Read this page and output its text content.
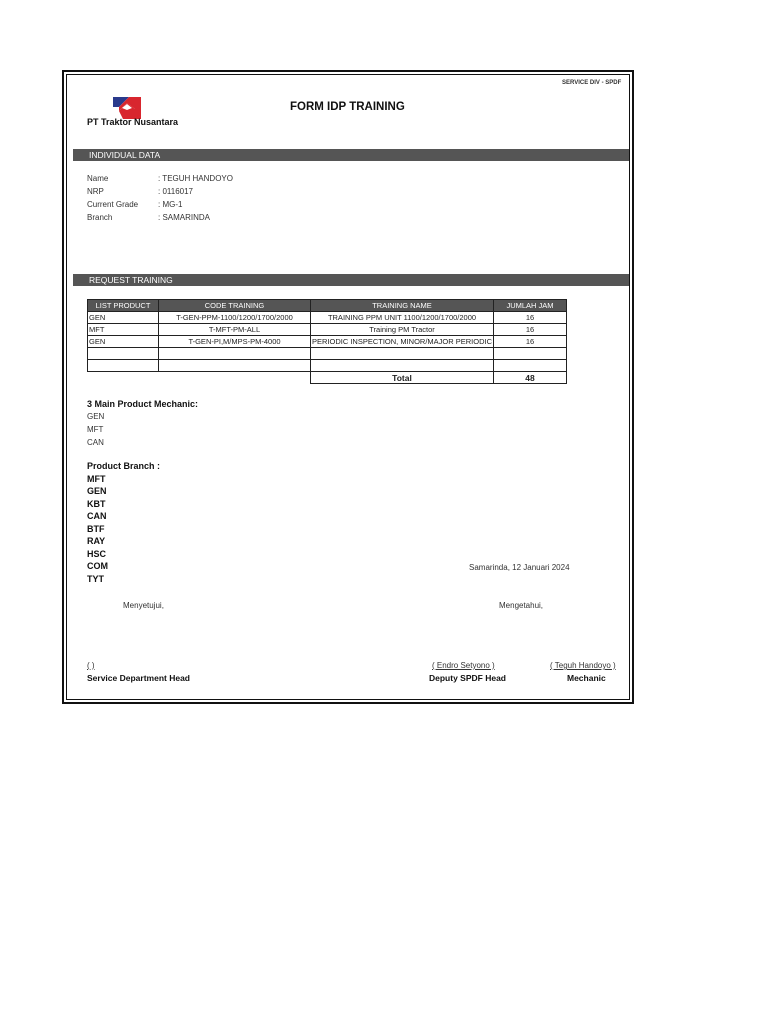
SERVICE DIV - SPDF
PT Traktor Nusantara
FORM IDP TRAINING
INDIVIDUAL DATA
Name	: TEGUH HANDOYO
NRP	: 0116017
Current Grade : MG-1
Branch	: SAMARINDA
REQUEST TRAINING
LIST PRODUCT	CODE TRAINING	TRAINING NAME	JUMLAH JAM
GEN	T-GEN-PPM-1100/1200/1700/2000	TRAINING PPM UNIT 1100/1200/1700/2000	16
MFT	T-MFT-PM-ALL	Training PM Tractor	16
GEN	T-GEN-PI,M/MPS-PM-4000	PERIODIC INSPECTION, MINOR/MAJOR PERIODIC	16

		Total	48
3 Main Product Mechanic:
GEN
MFT
CAN
Product Branch :
MFT
GEN
KBT
CAN
BTF
RAY
HSC
COM
TYT
Samarinda, 12 Januari 2024
Menyetujui,	Mengetahui,
( )
Service Department Head
( Endro Setyono )
Deputy SPDF Head
( Teguh Handoyo )
Mechanic
